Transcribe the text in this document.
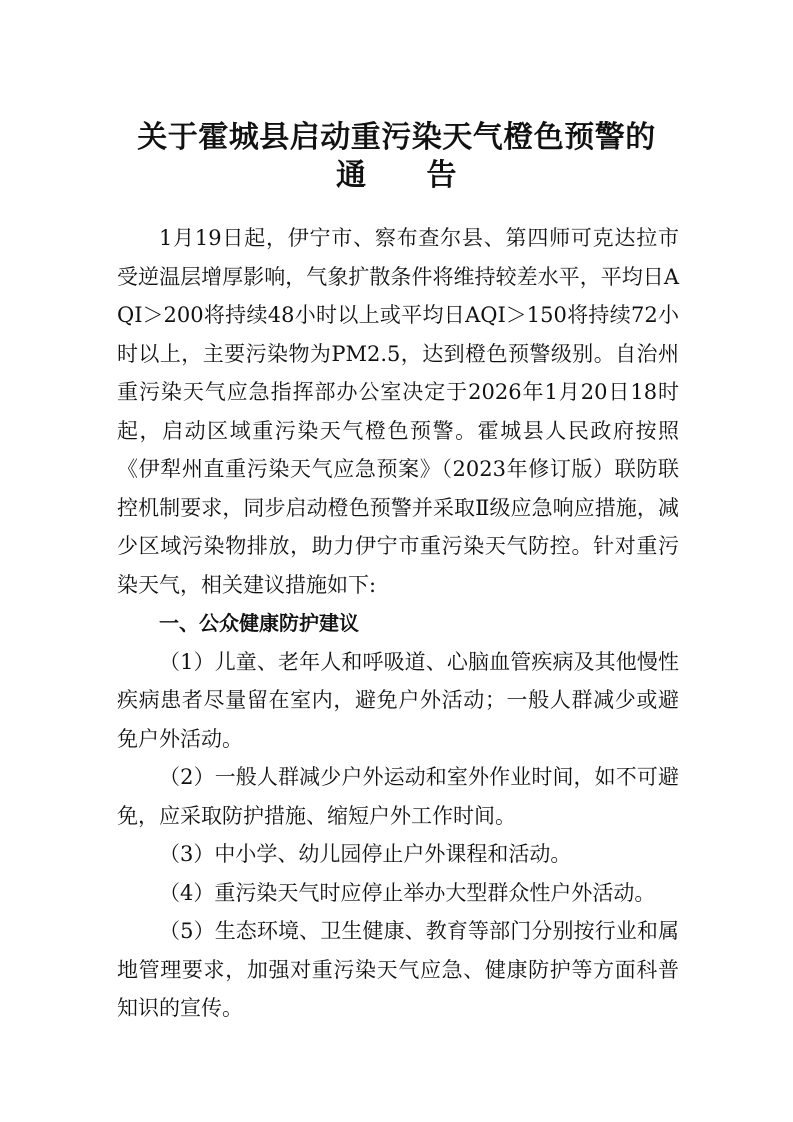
关于霍城县启动重污染天气橙色预警的
通 告

1月19日起，伊宁市、察布查尔县、第四师可克达拉市受逆温层增厚影响，气象扩散条件将维持较差水平，平均日AQI＞200将持续48小时以上或平均日AQI＞150将持续72小时以上，主要污染物为PM2.5，达到橙色预警级别。自治州重污染天气应急指挥部办公室决定于2026年1月20日18时起，启动区域重污染天气橙色预警。霍城县人民政府按照《伊犁州直重污染天气应急预案》（2023年修订版）联防联控机制要求，同步启动橙色预警并采取Ⅱ级应急响应措施，减少区域污染物排放，助力伊宁市重污染天气防控。针对重污染天气，相关建议措施如下:

一、公众健康防护建议

（1）儿童、老年人和呼吸道、心脑血管疾病及其他慢性疾病患者尽量留在室内，避免户外活动；一般人群减少或避免户外活动。

（2）一般人群减少户外运动和室外作业时间，如不可避免，应采取防护措施、缩短户外工作时间。

（3）中小学、幼儿园停止户外课程和活动。

（4）重污染天气时应停止举办大型群众性户外活动。

（5）生态环境、卫生健康、教育等部门分别按行业和属地管理要求，加强对重污染天气应急、健康防护等方面科普知识的宣传。
